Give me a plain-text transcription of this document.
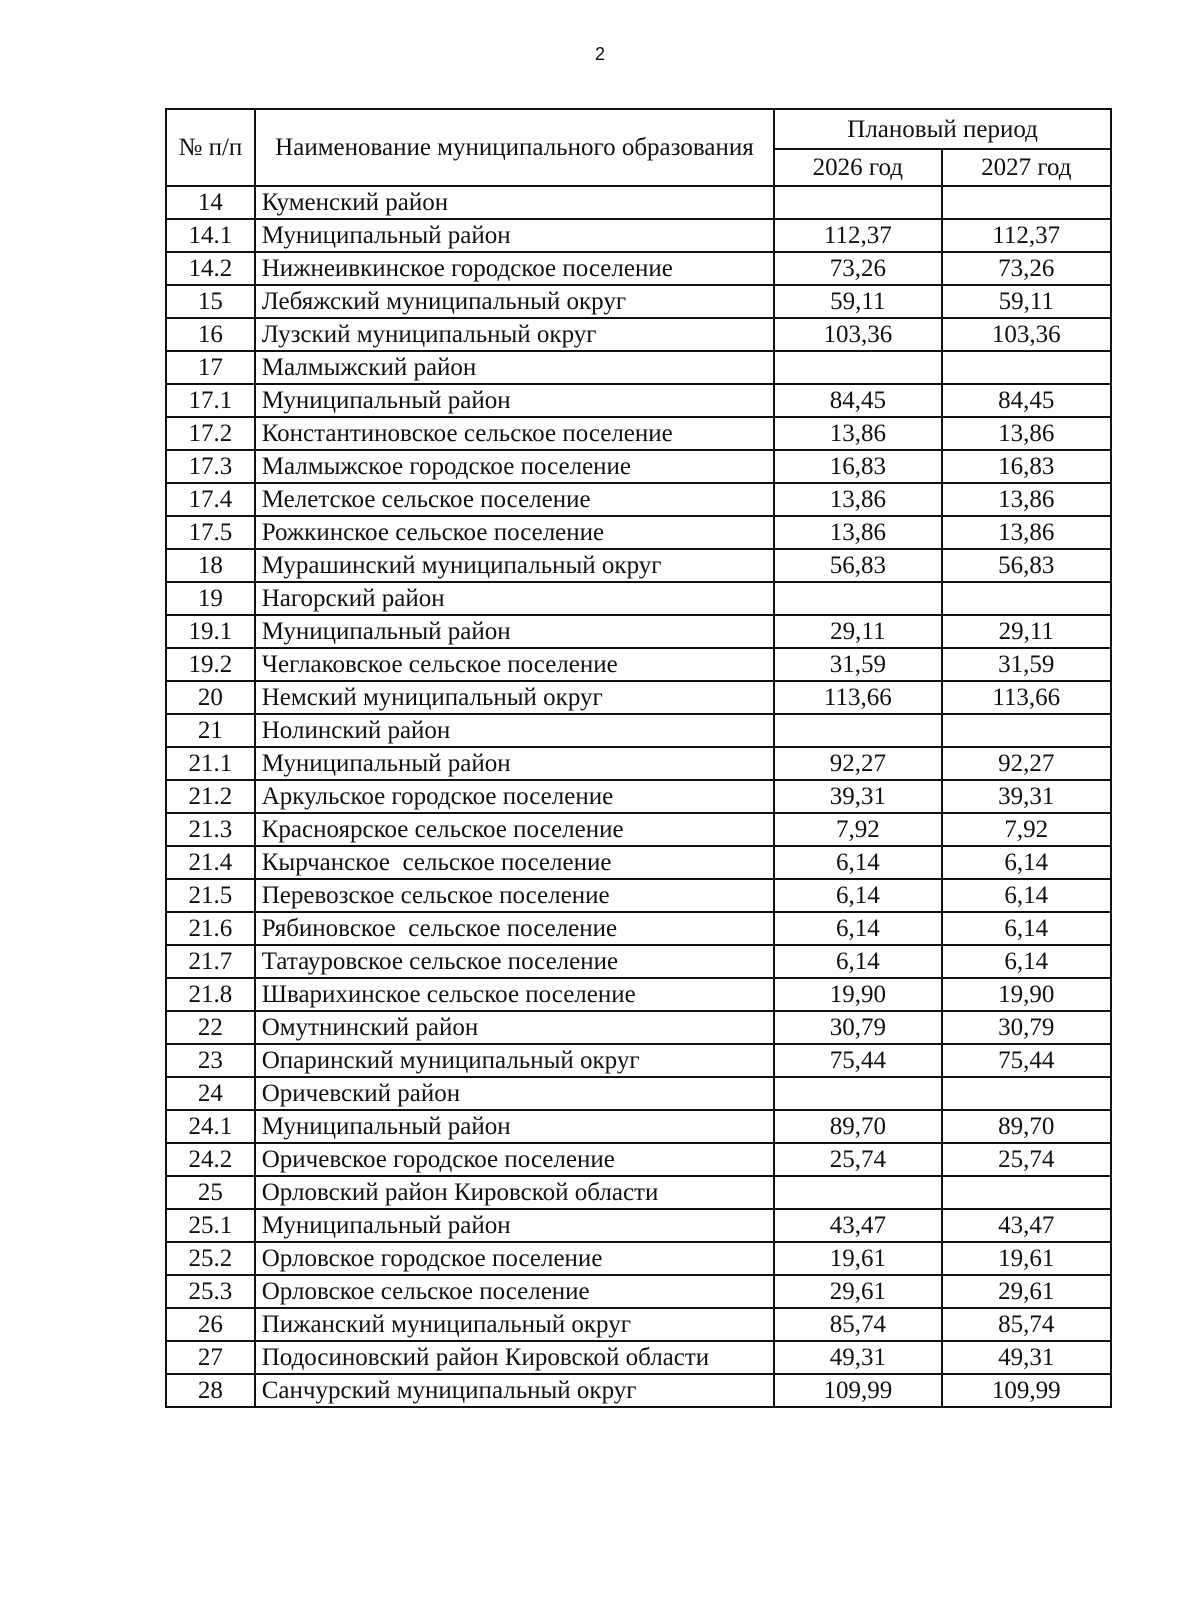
2
№ п/п	Наименование муниципального образования	Плановый период	
		2026 год	2027 год
14	Куменский район		
14.1	Муниципальный район	112,37	112,37
14.2	Нижнеивкинское городское поселение	73,26	73,26
15	Лебяжский муниципальный округ	59,11	59,11
16	Лузский муниципальный округ	103,36	103,36
17	Малмыжский район		
17.1	Муниципальный район	84,45	84,45
17.2	Константиновское сельское поселение	13,86	13,86
17.3	Малмыжское городское поселение	16,83	16,83
17.4	Мелетское сельское поселение	13,86	13,86
17.5	Рожкинское сельское поселение	13,86	13,86
18	Мурашинский муниципальный округ	56,83	56,83
19	Нагорский район		
19.1	Муниципальный район	29,11	29,11
19.2	Чеглаковское сельское поселение	31,59	31,59
20	Немский муниципальный округ	113,66	113,66
21	Нолинский район		
21.1	Муниципальный район	92,27	92,27
21.2	Аркульское городское поселение	39,31	39,31
21.3	Красноярское сельское поселение	7,92	7,92
21.4	Кырчанское  сельское поселение	6,14	6,14
21.5	Перевозское сельское поселение	6,14	6,14
21.6	Рябиновское  сельское поселение	6,14	6,14
21.7	Татауровское сельское поселение	6,14	6,14
21.8	Шварихинское сельское поселение	19,90	19,90
22	Омутнинский район	30,79	30,79
23	Опаринский муниципальный округ	75,44	75,44
24	Оричевский район		
24.1	Муниципальный район	89,70	89,70
24.2	Оричевское городское поселение	25,74	25,74
25	Орловский район Кировской области		
25.1	Муниципальный район	43,47	43,47
25.2	Орловское городское поселение	19,61	19,61
25.3	Орловское сельское поселение	29,61	29,61
26	Пижанский муниципальный округ	85,74	85,74
27	Подосиновский район Кировской области	49,31	49,31
28	Санчурский муниципальный округ	109,99	109,99
